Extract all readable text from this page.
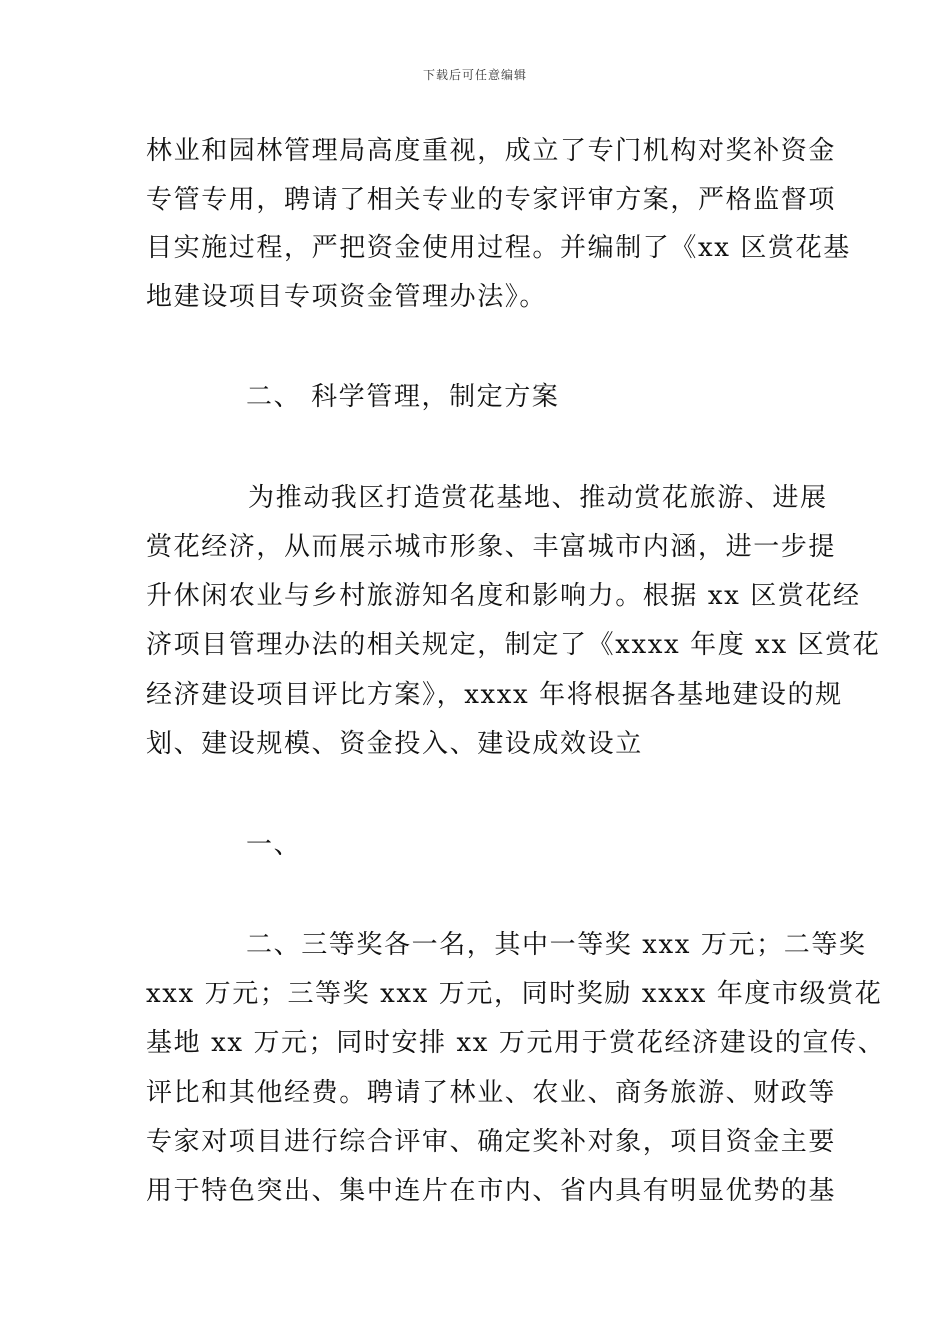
下载后可任意编辑
林业和园林管理局高度重视，成立了专门机构对奖补资金
专管专用，聘请了相关专业的专家评审方案，严格监督项
目实施过程，严把资金使用过程。并编制了《xx 区赏花基
地建设项目专项资金管理办法》。
二、 科学管理，制定方案
为推动我区打造赏花基地、推动赏花旅游、进展
赏花经济，从而展示城市形象、丰富城市内涵，进一步提
升休闲农业与乡村旅游知名度和影响力。根据 xx 区赏花经
济项目管理办法的相关规定，制定了《xxxx 年度 xx 区赏花
经济建设项目评比方案》，xxxx 年将根据各基地建设的规
划、建设规模、资金投入、建设成效设立
一、
二、三等奖各一名，其中一等奖 xxx 万元；二等奖
xxx 万元；三等奖 xxx 万元，同时奖励 xxxx 年度市级赏花
基地 xx 万元；同时安排 xx 万元用于赏花经济建设的宣传、
评比和其他经费。聘请了林业、农业、商务旅游、财政等
专家对项目进行综合评审、确定奖补对象，项目资金主要
用于特色突出、集中连片在市内、省内具有明显优势的基
